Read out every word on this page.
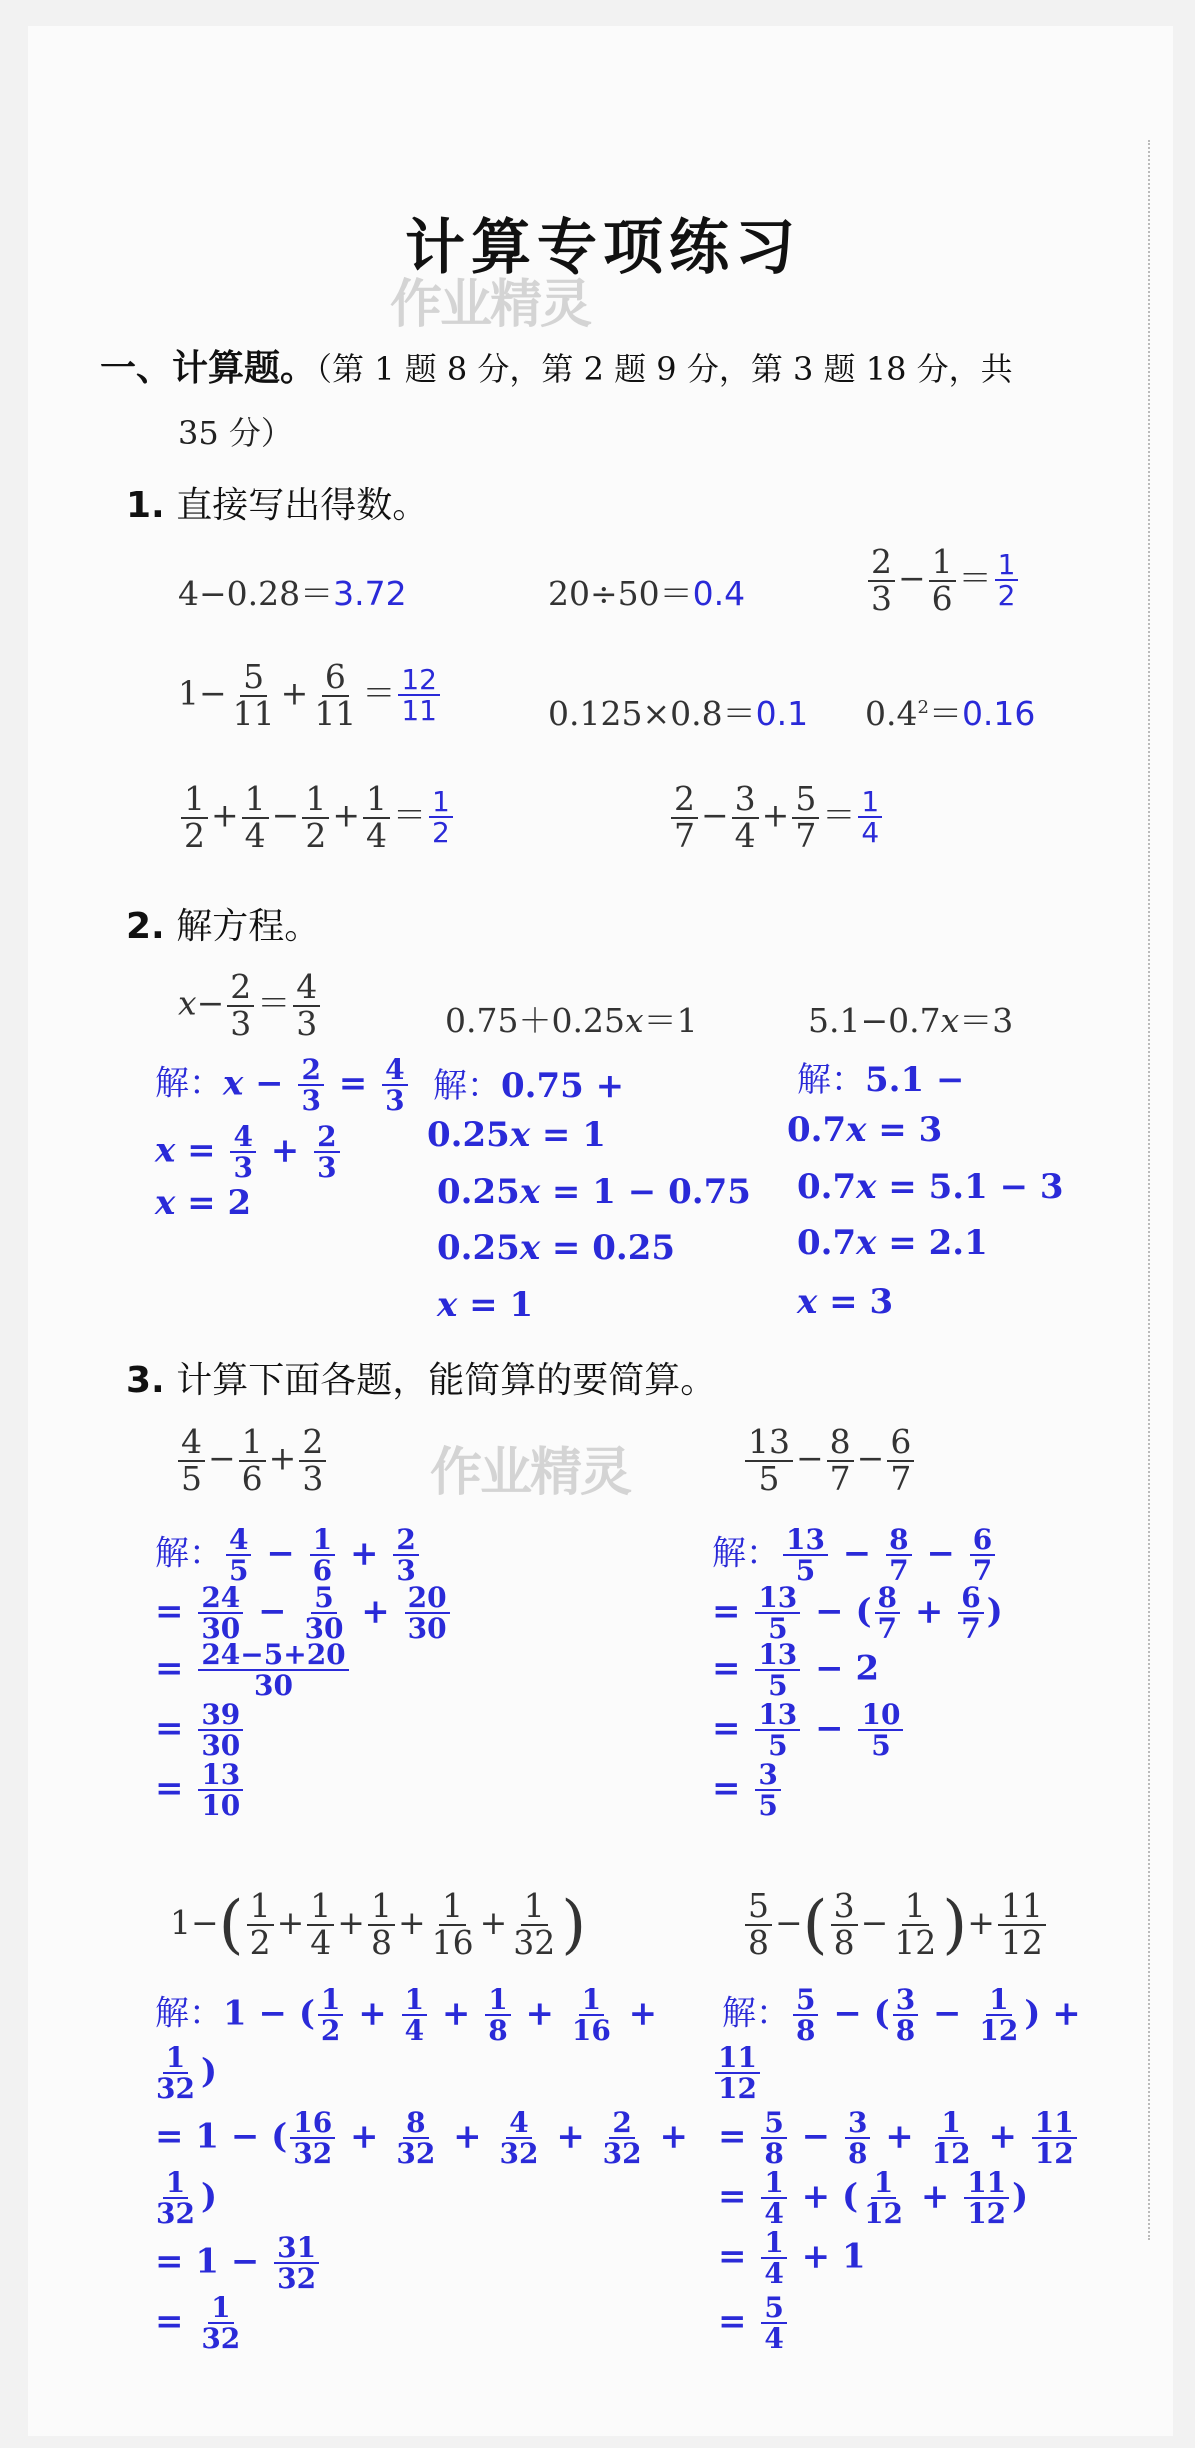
计算专项练习
作业精灵
作业精灵
一、计算题。（第 1 题 8 分，第 2 题 9 分，第 3 题 18 分，共
35 分）
1. 直接写出得数。
4−0.28＝3.72	20÷50＝0.4	$\frac{2}{3} - \frac{1}{6} = \frac{1}{2}$
$1- \frac{5}{11} + \frac{6}{11} = \frac{12}{11}$	0.125×0.8＝0.1 $0.4^2=0.16$
$\frac{1}{2} + \frac{1}{4} - \frac{1}{2} + \frac{1}{4} = \frac{1}{2}$	$\frac{2}{7} - \frac{3}{4} + \frac{5}{7} = \frac{1}{4}$
2. 解方程。
$x- \frac{2}{3} = \frac{4}{3}$	0.75＋0.25x＝1	5.1−0.7x＝3
解：$x - \frac{2}{3} = \frac{4}{3}$
$x = \frac{4}{3} + \frac{2}{3}$
x = 2
解：0.75 +
0.25x = 1
0.25x = 1 − 0.75
0.25x = 0.25
x = 1
解：5.1 −
0.7x = 3
0.7x = 5.1 − 3
0.7x = 2.1
x = 3
3. 计算下面各题，能简算的要简算。
$\frac{4}{5} - \frac{1}{6} + \frac{2}{3}$	$\frac{13}{5} - \frac{8}{7} - \frac{6}{7}$
解： $\frac{4}{5} - \frac{1}{6} + \frac{2}{3}$
= $\frac{24}{30} - \frac{5}{30} + \frac{20}{30}$
= $\frac{24-5+20}{30}$
= $\frac{39}{30}$
= $\frac{13}{10}$
解： $\frac{13}{5} - \frac{8}{7} - \frac{6}{7}$
= $\frac{13}{5}$ − ( $\frac{8}{7} + \frac{6}{7}$ )
= $\frac{13}{5} - 2$
= $\frac{13}{5} - \frac{10}{5}$
= $\frac{3}{5}$
$1-( \frac{1}{2} + \frac{1}{4} + \frac{1}{8} + \frac{1}{16} + \frac{1}{32}$ )	$\frac{5}{8}$ −( $\frac{3}{8} - \frac{1}{12}$ )+ $\frac{11}{12}$
解：1 − ( $\frac{1}{2} + \frac{1}{4} + \frac{1}{8} + \frac{1}{16}$ +
$\frac{1}{32}$ )
= 1 − ( $\frac{16}{32} + \frac{8}{32} + \frac{4}{32} + \frac{2}{32}$ +
$\frac{1}{32}$ )
= $1 - \frac{31}{32}$
= $\frac{1}{32}$
解： $\frac{5}{8}$ − ( $\frac{3}{8} - \frac{1}{12}$ ) +
$\frac{11}{12}$
= $\frac{5}{8} - \frac{3}{8} + \frac{1}{12} + \frac{11}{12}$
= $\frac{1}{4}$ + ( $\frac{1}{12} + \frac{11}{12}$ )
= $\frac{1}{4} + 1$
= $\frac{5}{4}$
